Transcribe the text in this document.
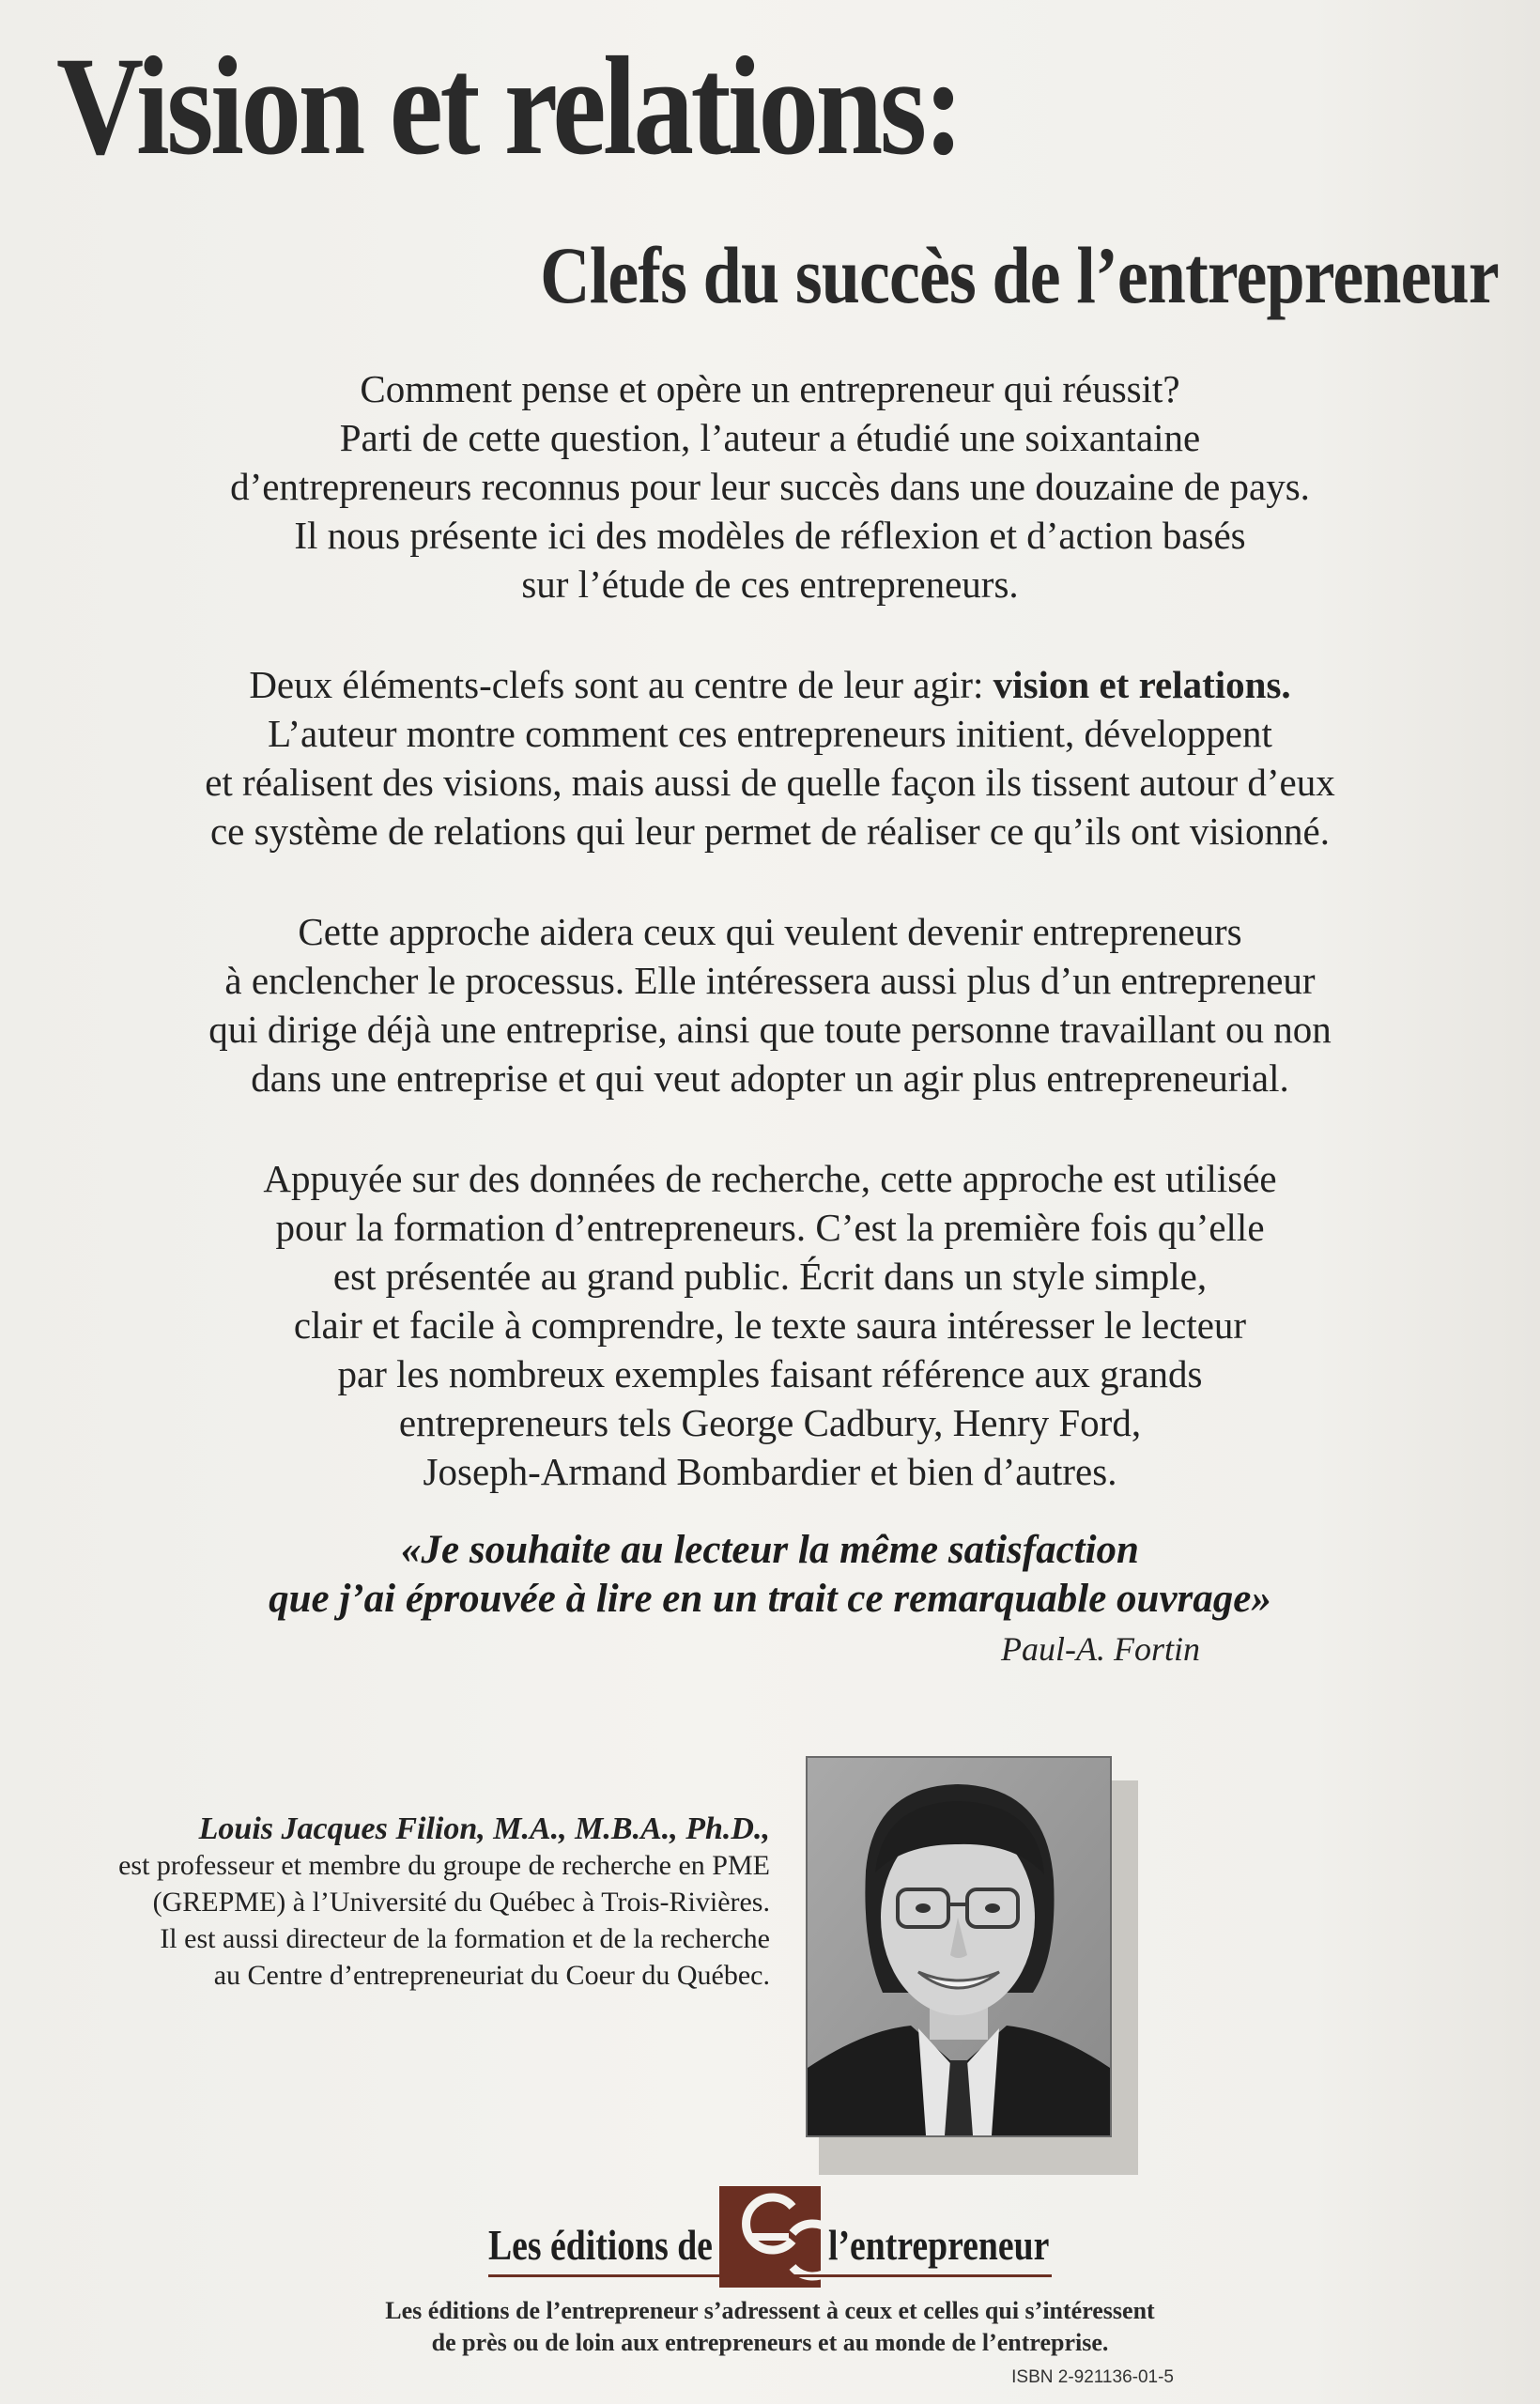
Vision et relations:
Clefs du succès de l’entrepreneur
Comment pense et opère un entrepreneur qui réussit?
Parti de cette question, l’auteur a étudié une soixantaine
d’entrepreneurs reconnus pour leur succès dans une douzaine de pays.
Il nous présente ici des modèles de réflexion et d’action basés
sur l’étude de ces entrepreneurs.
Deux éléments-clefs sont au centre de leur agir: vision et relations.
L’auteur montre comment ces entrepreneurs initient, développent
et réalisent des visions, mais aussi de quelle façon ils tissent autour d’eux
ce système de relations qui leur permet de réaliser ce qu’ils ont visionné.
Cette approche aidera ceux qui veulent devenir entrepreneurs
à enclencher le processus. Elle intéressera aussi plus d’un entrepreneur
qui dirige déjà une entreprise, ainsi que toute personne travaillant ou non
dans une entreprise et qui veut adopter un agir plus entrepreneurial.
Appuyée sur des données de recherche, cette approche est utilisée
pour la formation d’entrepreneurs. C’est la première fois qu’elle
est présentée au grand public. Écrit dans un style simple,
clair et facile à comprendre, le texte saura intéresser le lecteur
par les nombreux exemples faisant référence aux grands
entrepreneurs tels George Cadbury, Henry Ford,
Joseph-Armand Bombardier et bien d’autres.
«Je souhaite au lecteur la même satisfaction
que j’ai éprouvée à lire en un trait ce remarquable ouvrage»
Paul-A. Fortin
Louis Jacques Filion, M.A., M.B.A., Ph.D.,
est professeur et membre du groupe de recherche en PME
(GREPME) à l’Université du Québec à Trois-Rivières.
Il est aussi directeur de la formation et de la recherche
au Centre d’entrepreneuriat du Coeur du Québec.
Les éditions de	l’entrepreneur
Les éditions de l’entrepreneur s’adressent à ceux et celles qui s’intéressent
de près ou de loin aux entrepreneurs et au monde de l’entreprise.
ISBN 2-921136-01-5
